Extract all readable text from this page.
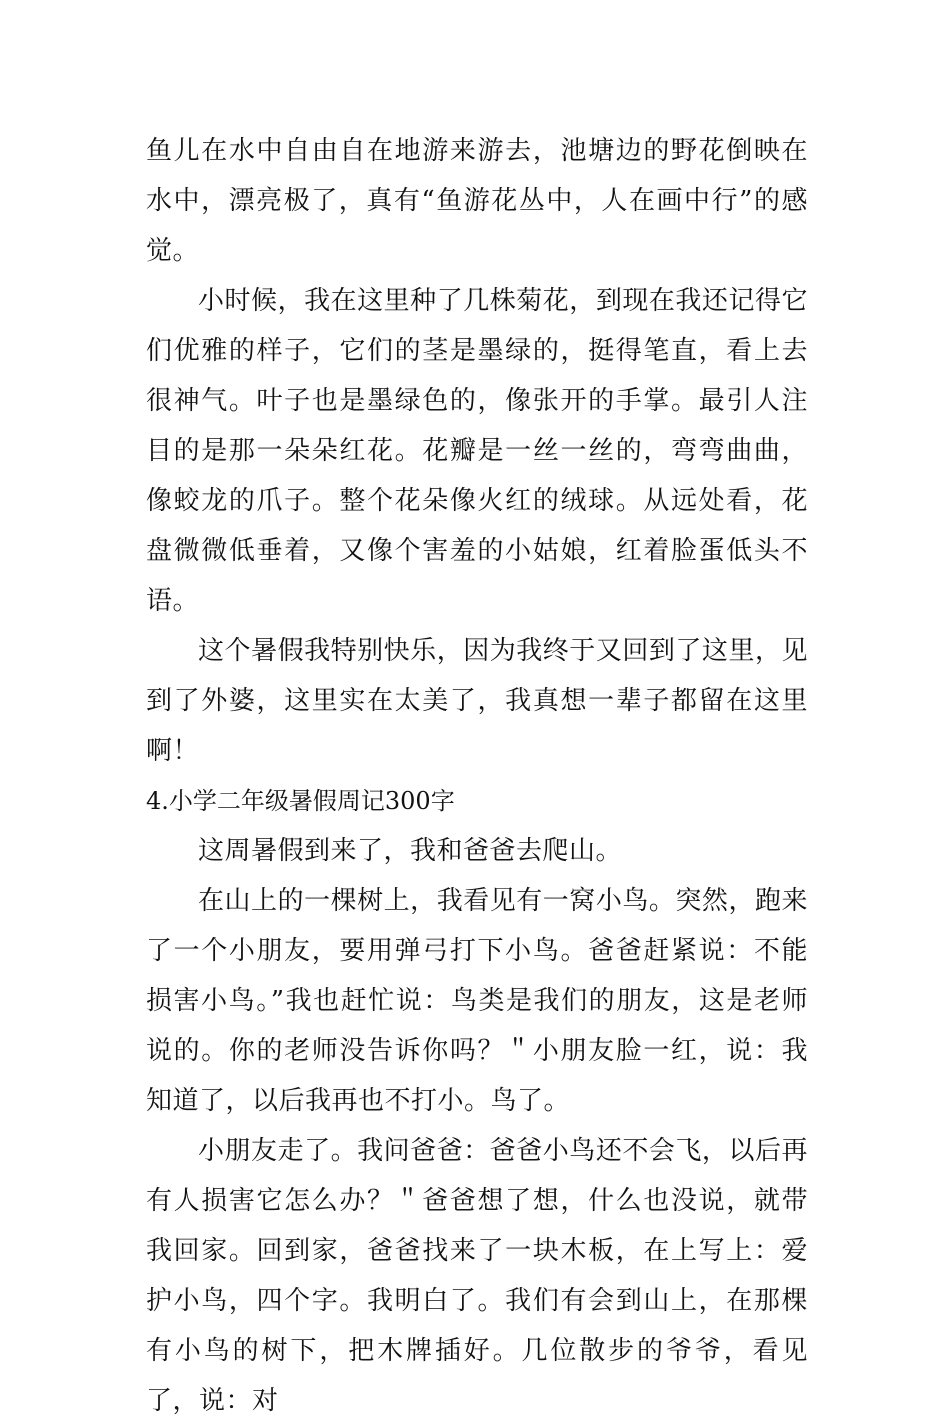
鱼儿在水中自由自在地游来游去，池塘边的野花倒映在水中，漂亮极了，真有“鱼游花丛中，人在画中行”的感觉。

小时候，我在这里种了几株菊花，到现在我还记得它们优雅的样子，它们的茎是墨绿的，挺得笔直，看上去很神气。叶子也是墨绿色的，像张开的手掌。最引人注目的是那一朵朵红花。花瓣是一丝一丝的，弯弯曲曲，像蛟龙的爪子。整个花朵像火红的绒球。从远处看，花盘微微低垂着，又像个害羞的小姑娘，红着脸蛋低头不语。

这个暑假我特别快乐，因为我终于又回到了这里，见到了外婆，这里实在太美了，我真想一辈子都留在这里啊！

4.小学二年级暑假周记300字

这周暑假到来了，我和爸爸去爬山。

在山上的一棵树上，我看见有一窝小鸟。突然，跑来了一个小朋友，要用弹弓打下小鸟。爸爸赶紧说：不能损害小鸟。”我也赶忙说：鸟类是我们的朋友，这是老师说的。你的老师没告诉你吗？＂小朋友脸一红，说：我知道了，以后我再也不打小。鸟了。

小朋友走了。我问爸爸：爸爸小鸟还不会飞，以后再有人损害它怎么办？＂爸爸想了想，什么也没说，就带我回家。回到家，爸爸找来了一块木板，在上写上：爱护小鸟，四个字。我明白了。我们有会到山上，在那棵有小鸟的树下，把木牌插好。几位散步的爷爷，看见了，说：对
